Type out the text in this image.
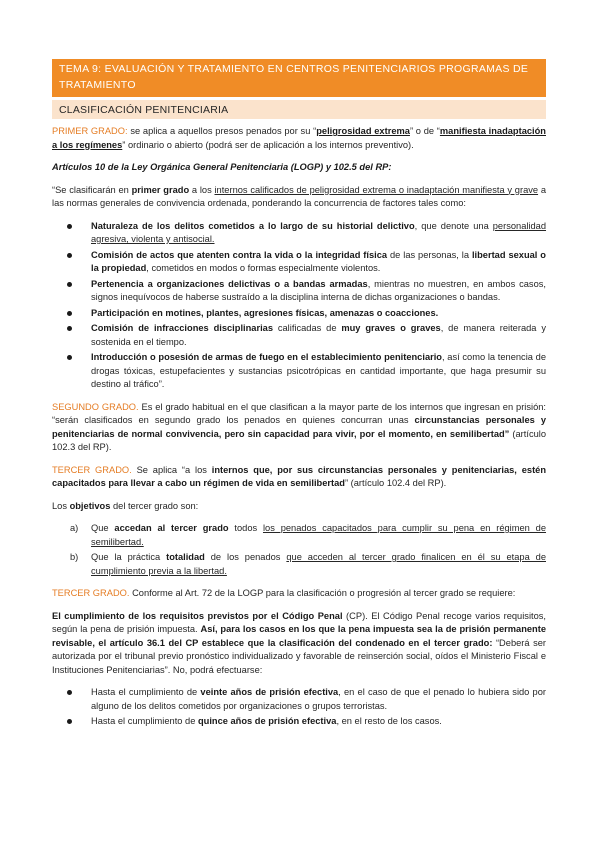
TEMA 9: EVALUACIÓN Y TRATAMIENTO EN CENTROS PENITENCIARIOS PROGRAMAS DE TRATAMIENTO
CLASIFICACIÓN PENITENCIARIA

PRIMER GRADO: se aplica a aquellos presos penados por su “peligrosidad extrema” o de “manifiesta inadaptación a los regímenes” ordinario o abierto (podrá ser de aplicación a los internos preventivo).

Artículos 10 de la Ley Orgánica General Penitenciaria (LOGP) y 102.5 del RP:

“Se clasificarán en primer grado a los internos calificados de peligrosidad extrema o inadaptación manifiesta y grave a las normas generales de convivencia ordenada, ponderando la concurrencia de factores tales como:

Naturaleza de los delitos cometidos a lo largo de su historial delictivo, que denote una personalidad agresiva, violenta y antisocial.
Comisión de actos que atenten contra la vida o la integridad física de las personas, la libertad sexual o la propiedad, cometidos en modos o formas especialmente violentos.
Pertenencia a organizaciones delictivas o a bandas armadas, mientras no muestren, en ambos casos, signos inequívocos de haberse sustraído a la disciplina interna de dichas organizaciones o bandas.
Participación en motines, plantes, agresiones físicas, amenazas o coacciones.
Comisión de infracciones disciplinarias calificadas de muy graves o graves, de manera reiterada y sostenida en el tiempo.
Introducción o posesión de armas de fuego en el establecimiento penitenciario, así como la tenencia de drogas tóxicas, estupefacientes y sustancias psicotrópicas en cantidad importante, que haga presumir su destino al tráfico”.

SEGUNDO GRADO. Es el grado habitual en el que clasifican a la mayor parte de los internos que ingresan en prisión: “serán clasificados en segundo grado los penados en quienes concurran unas circunstancias personales y penitenciarias de normal convivencia, pero sin capacidad para vivir, por el momento, en semilibertad” (artículo 102.3 del RP).

TERCER GRADO. Se aplica “a los internos que, por sus circunstancias personales y penitenciarias, estén capacitados para llevar a cabo un régimen de vida en semilibertad” (artículo 102.4 del RP).

Los objetivos del tercer grado son:

a) Que accedan al tercer grado todos los penados capacitados para cumplir su pena en régimen de semilibertad.
b) Que la práctica totalidad de los penados que acceden al tercer grado finalicen en él su etapa de cumplimiento previa a la libertad.

TERCER GRADO. Conforme al Art. 72 de la LOGP para la clasificación o progresión al tercer grado se requiere:

El cumplimiento de los requisitos previstos por el Código Penal (CP). El Código Penal recoge varios requisitos, según la pena de prisión impuesta. Así, para los casos en los que la pena impuesta sea la de prisión permanente revisable, el artículo 36.1 del CP establece que la clasificación del condenado en el tercer grado: “Deberá ser autorizada por el tribunal previo pronóstico individualizado y favorable de reinserción social, oídos el Ministerio Fiscal e Instituciones Penitenciarias”. No, podrá efectuarse:

Hasta el cumplimiento de veinte años de prisión efectiva, en el caso de que el penado lo hubiera sido por alguno de los delitos cometidos por organizaciones o grupos terroristas.
Hasta el cumplimiento de quince años de prisión efectiva, en el resto de los casos.
